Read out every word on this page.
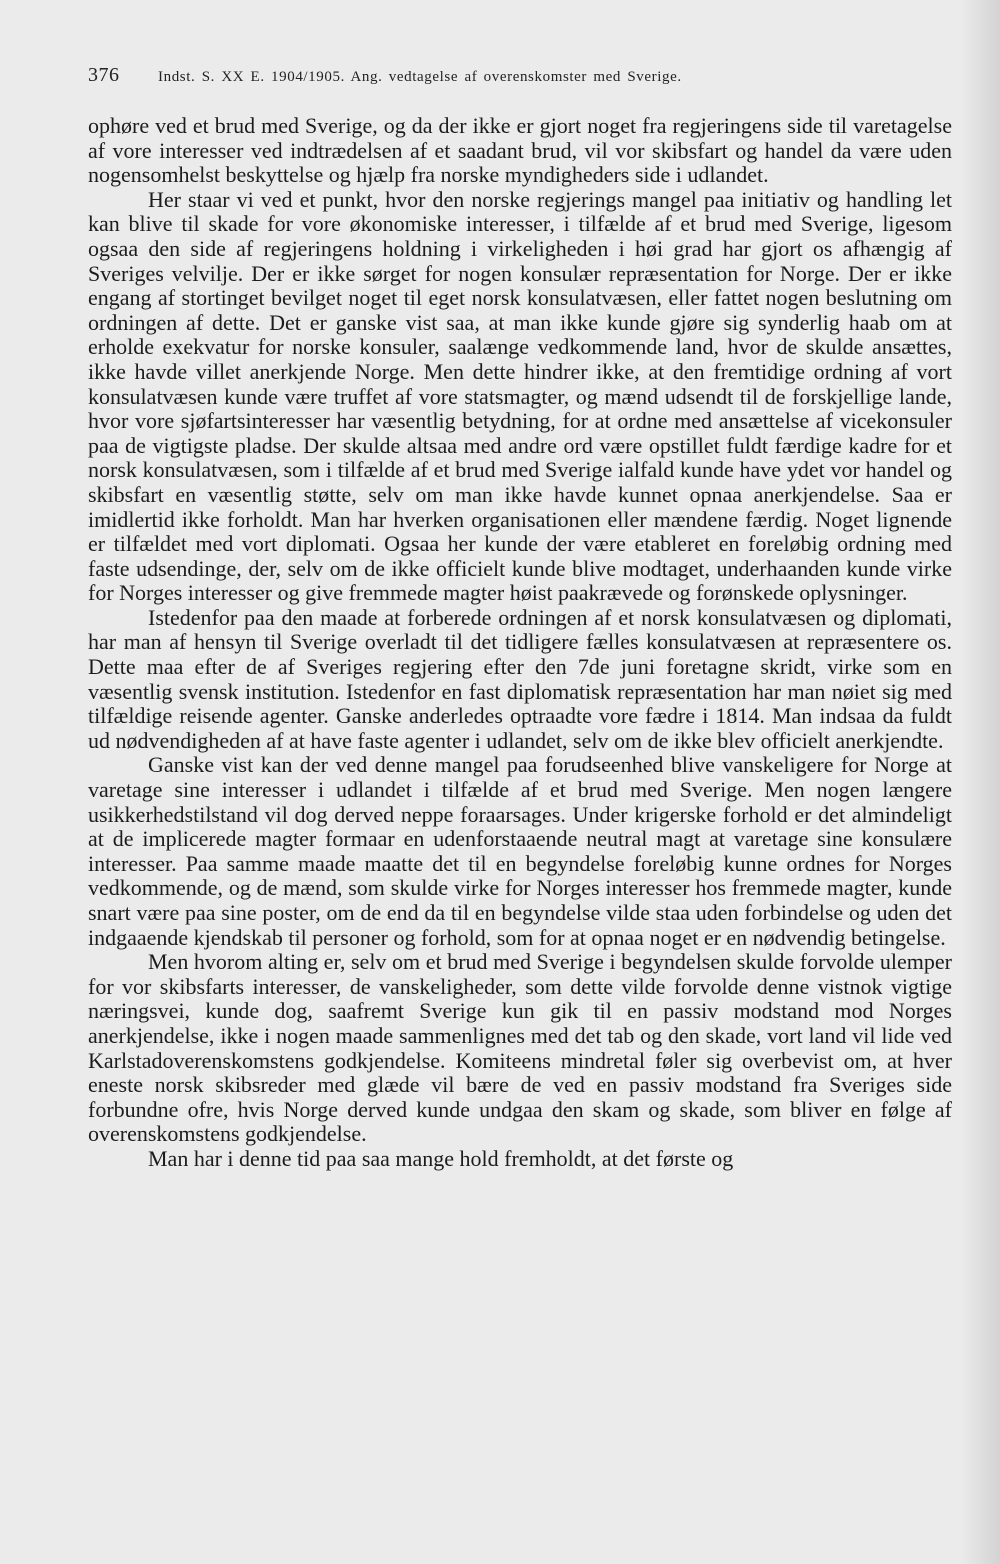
376	Indst. S. XX E. 1904/1905. Ang. vedtagelse af overenskomster med Sverige.

ophøre ved et brud med Sverige, og da der ikke er gjort noget fra regjeringens side til varetagelse af vore interesser ved indtrædelsen af et saadant brud, vil vor skibsfart og handel da være uden nogensomhelst beskyttelse og hjælp fra norske myndigheders side i udlandet.

Her staar vi ved et punkt, hvor den norske regjerings mangel paa initiativ og handling let kan blive til skade for vore økonomiske interesser, i tilfælde af et brud med Sverige, ligesom ogsaa den side af regjeringens holdning i virkeligheden i høi grad har gjort os afhængig af Sveriges velvilje. Der er ikke sørget for nogen konsulær repræsentation for Norge. Der er ikke engang af stortinget bevilget noget til eget norsk konsulatvæsen, eller fattet nogen beslutning om ordningen af dette. Det er ganske vist saa, at man ikke kunde gjøre sig synderlig haab om at erholde exekvatur for norske konsuler, saalænge vedkommende land, hvor de skulde ansættes, ikke havde villet anerkjende Norge. Men dette hindrer ikke, at den fremtidige ordning af vort konsulatvæsen kunde være truffet af vore statsmagter, og mænd udsendt til de forskjellige lande, hvor vore sjøfartsinteresser har væsentlig betydning, for at ordne med ansættelse af vicekonsuler paa de vigtigste pladse. Der skulde altsaa med andre ord være opstillet fuldt færdige kadre for et norsk konsulatvæsen, som i tilfælde af et brud med Sverige ialfald kunde have ydet vor handel og skibsfart en væsentlig støtte, selv om man ikke havde kunnet opnaa anerkjendelse. Saa er imidlertid ikke forholdt. Man har hverken organisationen eller mændene færdig. Noget lignende er tilfældet med vort diplomati. Ogsaa her kunde der være etableret en foreløbig ordning med faste udsendinge, der, selv om de ikke officielt kunde blive modtaget, underhaanden kunde virke for Norges interesser og give fremmede magter høist paakrævede og forønskede oplysninger.

Istedenfor paa den maade at forberede ordningen af et norsk konsulatvæsen og diplomati, har man af hensyn til Sverige overladt til det tidligere fælles konsulatvæsen at repræsentere os. Dette maa efter de af Sveriges regjering efter den 7de juni foretagne skridt, virke som en væsentlig svensk institution. Istedenfor en fast diplomatisk repræsentation har man nøiet sig med tilfældige reisende agenter. Ganske anderledes optraadte vore fædre i 1814. Man indsaa da fuldt ud nødvendigheden af at have faste agenter i udlandet, selv om de ikke blev officielt anerkjendte.

Ganske vist kan der ved denne mangel paa forudseenhed blive vanskeligere for Norge at varetage sine interesser i udlandet i tilfælde af et brud med Sverige. Men nogen længere usikkerhedstilstand vil dog derved neppe foraarsages. Under krigerske forhold er det almindeligt at de implicerede magter formaar en udenforstaaende neutral magt at varetage sine konsulære interesser. Paa samme maade maatte det til en begyndelse foreløbig kunne ordnes for Norges vedkommende, og de mænd, som skulde virke for Norges interesser hos fremmede magter, kunde snart være paa sine poster, om de end da til en begyndelse vilde staa uden forbindelse og uden det indgaaende kjendskab til personer og forhold, som for at opnaa noget er en nødvendig betingelse.

Men hvorom alting er, selv om et brud med Sverige i begyndelsen skulde forvolde ulemper for vor skibsfarts interesser, de vanskeligheder, som dette vilde forvolde denne vistnok vigtige næringsvei, kunde dog, saafremt Sverige kun gik til en passiv modstand mod Norges anerkjendelse, ikke i nogen maade sammenlignes med det tab og den skade, vort land vil lide ved Karlstadoverenskomstens godkjendelse. Komiteens mindretal føler sig overbevist om, at hver eneste norsk skibsreder med glæde vil bære de ved en passiv modstand fra Sveriges side forbundne ofre, hvis Norge derved kunde undgaa den skam og skade, som bliver en følge af overenskomstens godkjendelse.

Man har i denne tid paa saa mange hold fremholdt, at det første og
